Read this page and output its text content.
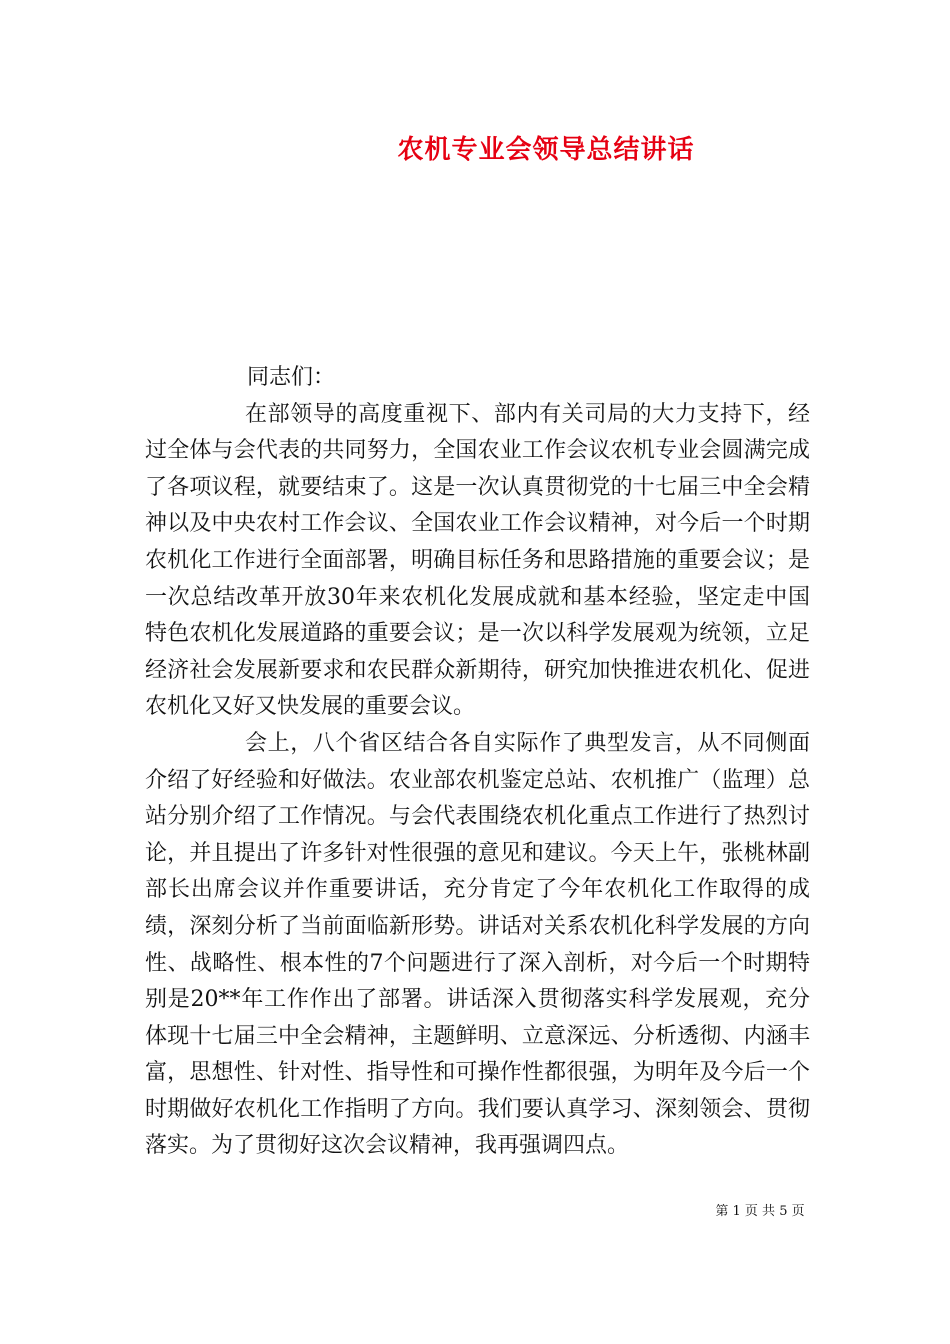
农机专业会领导总结讲话

同志们：

在部领导的高度重视下、部内有关司局的大力支持下，经过全体与会代表的共同努力，全国农业工作会议农机专业会圆满完成了各项议程，就要结束了。这是一次认真贯彻党的十七届三中全会精神以及中央农村工作会议、全国农业工作会议精神，对今后一个时期农机化工作进行全面部署，明确目标任务和思路措施的重要会议；是一次总结改革开放30年来农机化发展成就和基本经验，坚定走中国特色农机化发展道路的重要会议；是一次以科学发展观为统领，立足经济社会发展新要求和农民群众新期待，研究加快推进农机化、促进农机化又好又快发展的重要会议。

会上，八个省区结合各自实际作了典型发言，从不同侧面介绍了好经验和好做法。农业部农机鉴定总站、农机推广（监理）总站分别介绍了工作情况。与会代表围绕农机化重点工作进行了热烈讨论，并且提出了许多针对性很强的意见和建议。今天上午，张桃林副部长出席会议并作重要讲话，充分肯定了今年农机化工作取得的成绩，深刻分析了当前面临新形势。讲话对关系农机化科学发展的方向性、战略性、根本性的7个问题进行了深入剖析，对今后一个时期特别是20**年工作作出了部署。讲话深入贯彻落实科学发展观，充分体现十七届三中全会精神，主题鲜明、立意深远、分析透彻、内涵丰富，思想性、针对性、指导性和可操作性都很强，为明年及今后一个时期做好农机化工作指明了方向。我们要认真学习、深刻领会、贯彻落实。为了贯彻好这次会议精神，我再强调四点。

第 1 页 共 5 页
